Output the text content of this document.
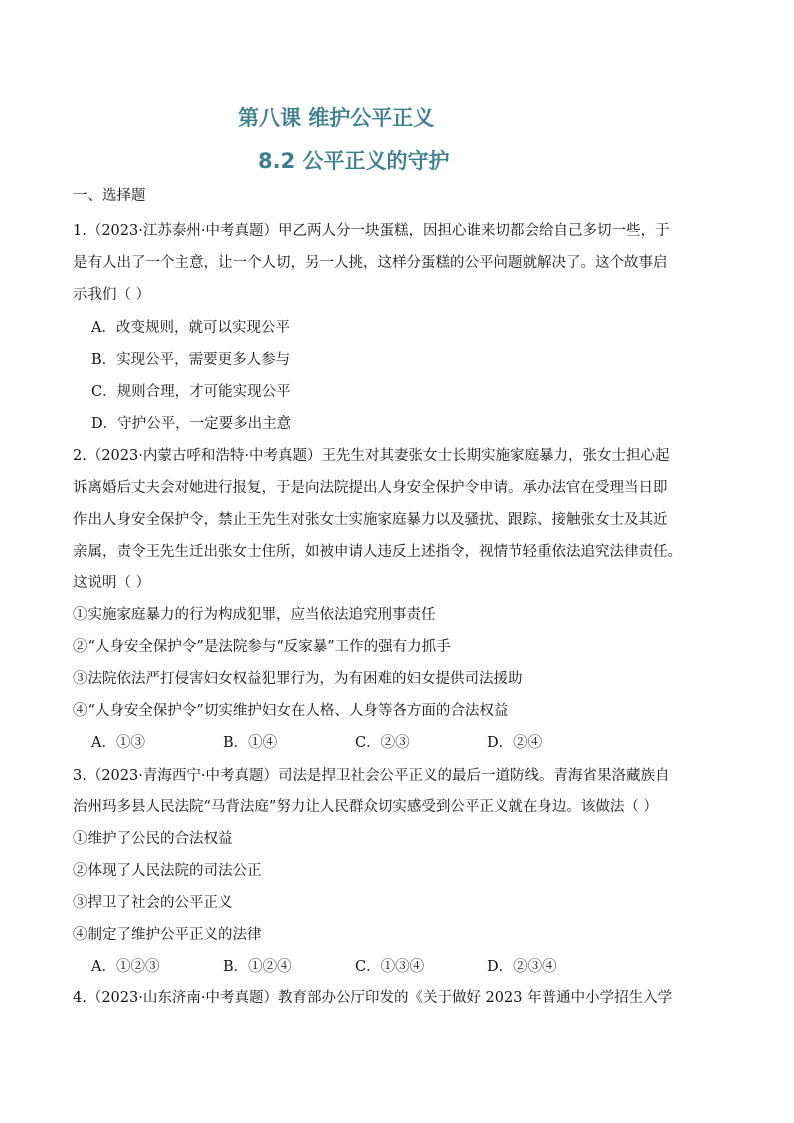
第八课 维护公平正义
8.2 公平正义的守护
一、选择题
1.（2023·江苏泰州·中考真题）甲乙两人分一块蛋糕，因担心谁来切都会给自己多切一些，于
是有人出了一个主意，让一个人切，另一人挑，这样分蛋糕的公平问题就解决了。这个故事启
示我们（ ）
A．改变规则，就可以实现公平
B．实现公平，需要更多人参与
C．规则合理，才可能实现公平
D．守护公平，一定要多出主意
2.（2023·内蒙古呼和浩特·中考真题）王先生对其妻张女士长期实施家庭暴力，张女士担心起
诉离婚后丈夫会对她进行报复，于是向法院提出人身安全保护令申请。承办法官在受理当日即
作出人身安全保护令，禁止王先生对张女士实施家庭暴力以及骚扰、跟踪、接触张女士及其近
亲属，责令王先生迁出张女士住所，如被申请人违反上述指令，视情节轻重依法追究法律责任。
这说明（ ）
①实施家庭暴力的行为构成犯罪，应当依法追究刑事责任
②“人身安全保护令”是法院参与“反家暴”工作的强有力抓手
③法院依法严打侵害妇女权益犯罪行为，为有困难的妇女提供司法援助
④“人身安全保护令”切实维护妇女在人格、人身等各方面的合法权益
A．①③	B．①④	C．②③	D．②④
3.（2023·青海西宁·中考真题）司法是捍卫社会公平正义的最后一道防线。青海省果洛藏族自
治州玛多县人民法院“马背法庭”努力让人民群众切实感受到公平正义就在身边。该做法（ ）
①维护了公民的合法权益
②体现了人民法院的司法公正
③捍卫了社会的公平正义
④制定了维护公平正义的法律
A．①②③	B．①②④	C．①③④	D．②③④
4.（2023·山东济南·中考真题）教育部办公厅印发的《关于做好 2023 年普通中小学招生入学
